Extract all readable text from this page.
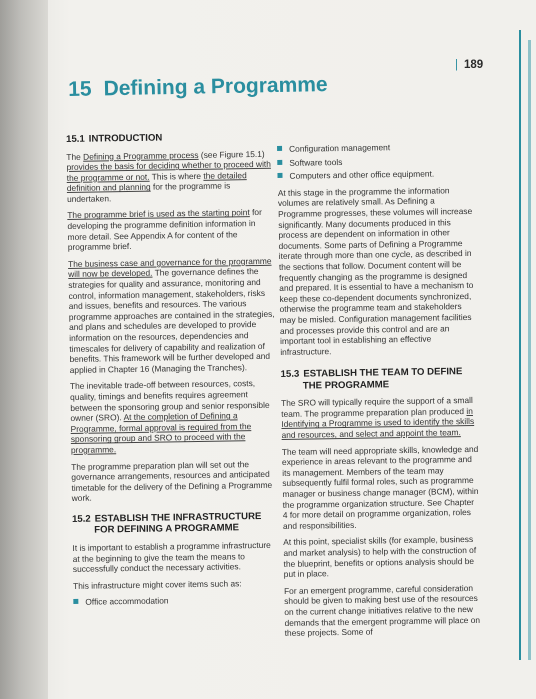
| 189
15 Defining a Programme
15.1 INTRODUCTION

The Defining a Programme process (see Figure 15.1) provides the basis for deciding whether to proceed with the programme or not. This is where the detailed definition and planning for the programme is undertaken.

The programme brief is used as the starting point for developing the programme definition information in more detail. See Appendix A for content of the programme brief.

The business case and governance for the programme will now be developed. The governance defines the strategies for quality and assurance, monitoring and control, information management, stakeholders, risks and issues, benefits and resources. The various programme approaches are contained in the strategies, and plans and schedules are developed to provide information on the resources, dependencies and timescales for delivery of capability and realization of benefits. This framework will be further developed and applied in Chapter 16 (Managing the Tranches).

The inevitable trade-off between resources, costs, quality, timings and benefits requires agreement between the sponsoring group and senior responsible owner (SRO). At the completion of Defining a Programme, formal approval is required from the sponsoring group and SRO to proceed with the programme.

The programme preparation plan will set out the governance arrangements, resources and anticipated timetable for the delivery of the Defining a Programme work.

15.2 ESTABLISH THE INFRASTRUCTURE FOR DEFINING A PROGRAMME

It is important to establish a programme infrastructure at the beginning to give the team the means to successfully conduct the necessary activities.

This infrastructure might cover items such as:

Office accommodation
Configuration management
Software tools
Computers and other office equipment.

At this stage in the programme the information volumes are relatively small. As Defining a Programme progresses, these volumes will increase significantly. Many documents produced in this process are dependent on information in other documents. Some parts of Defining a Programme iterate through more than one cycle, as described in the sections that follow. Document content will be frequently changing as the programme is designed and prepared. It is essential to have a mechanism to keep these co-dependent documents synchronized, otherwise the programme team and stakeholders may be misled. Configuration management facilities and processes provide this control and are an important tool in establishing an effective infrastructure.

15.3 ESTABLISH THE TEAM TO DEFINE THE PROGRAMME

The SRO will typically require the support of a small team. The programme preparation plan produced in Identifying a Programme is used to identify the skills and resources, and select and appoint the team.

The team will need appropriate skills, knowledge and experience in areas relevant to the programme and its management. Members of the team may subsequently fulfil formal roles, such as programme manager or business change manager (BCM), within the programme organization structure. See Chapter 4 for more detail on programme organization, roles and responsibilities.

At this point, specialist skills (for example, business and market analysis) to help with the construction of the blueprint, benefits or options analysis should be put in place.

For an emergent programme, careful consideration should be given to making best use of the resources on the current change initiatives relative to the new demands that the emergent programme will place on these projects. Some of
